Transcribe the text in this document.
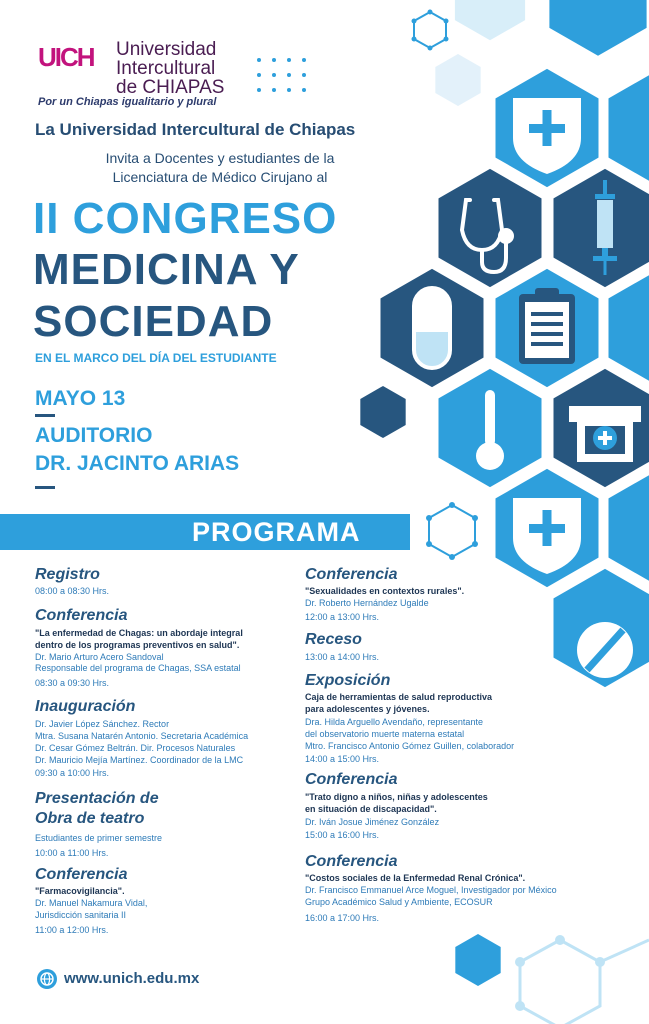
UICH Universidad
Intercultural
de CHIAPAS
Por un Chiapas igualitario y plural
La Universidad Intercultural de Chiapas
Invita a Docentes y estudiantes de la
Licenciatura de Médico Cirujano al
II CONGRESO
MEDICINA Y
SOCIEDAD
EN EL MARCO DEL DÍA DEL ESTUDIANTE
MAYO 13
AUDITORIO
DR. JACINTO ARIAS
PROGRAMA
Registro
08:00 a 08:30 Hrs.
Conferencia
"La enfermedad de Chagas: un abordaje integral
dentro de los programas preventivos en salud".
Dr. Mario Arturo Acero Sandoval
Responsable del programa de Chagas, SSA estatal
08:30 a 09:30 Hrs.
Inauguración
Dr. Javier López Sánchez. Rector
Mtra. Susana Natarén Antonio. Secretaria Académica
Dr. Cesar Gómez Beltrán. Dir. Procesos Naturales
Dr. Mauricio Mejía Martínez. Coordinador de la LMC
09:30 a 10:00 Hrs.
Presentación de
Obra de teatro
Estudiantes de primer semestre
10:00 a 11:00 Hrs.
Conferencia
"Farmacovigilancia".
Dr. Manuel Nakamura Vidal,
Jurisdicción sanitaria II
11:00 a 12:00 Hrs.
Conferencia
"Sexualidades en contextos rurales".
Dr. Roberto Hernández Ugalde
12:00 a 13:00 Hrs.
Receso
13:00 a 14:00 Hrs.
Exposición
Caja de herramientas de salud reproductiva
para adolescentes y jóvenes.
Dra. Hilda Arguello Avendaño, representante
del observatorio muerte materna estatal
Mtro. Francisco Antonio Gómez Guillen, colaborador
14:00 a 15:00 Hrs.
Conferencia
"Trato digno a niños, niñas y adolescentes
en situación de discapacidad".
Dr. Iván Josue Jiménez González
15:00 a 16:00 Hrs.
Conferencia
"Costos sociales de la Enfermedad Renal Crónica".
Dr. Francisco Emmanuel Arce Moguel, Investigador por México
Grupo Académico Salud y Ambiente, ECOSUR
16:00 a 17:00 Hrs.
www.unich.edu.mx
